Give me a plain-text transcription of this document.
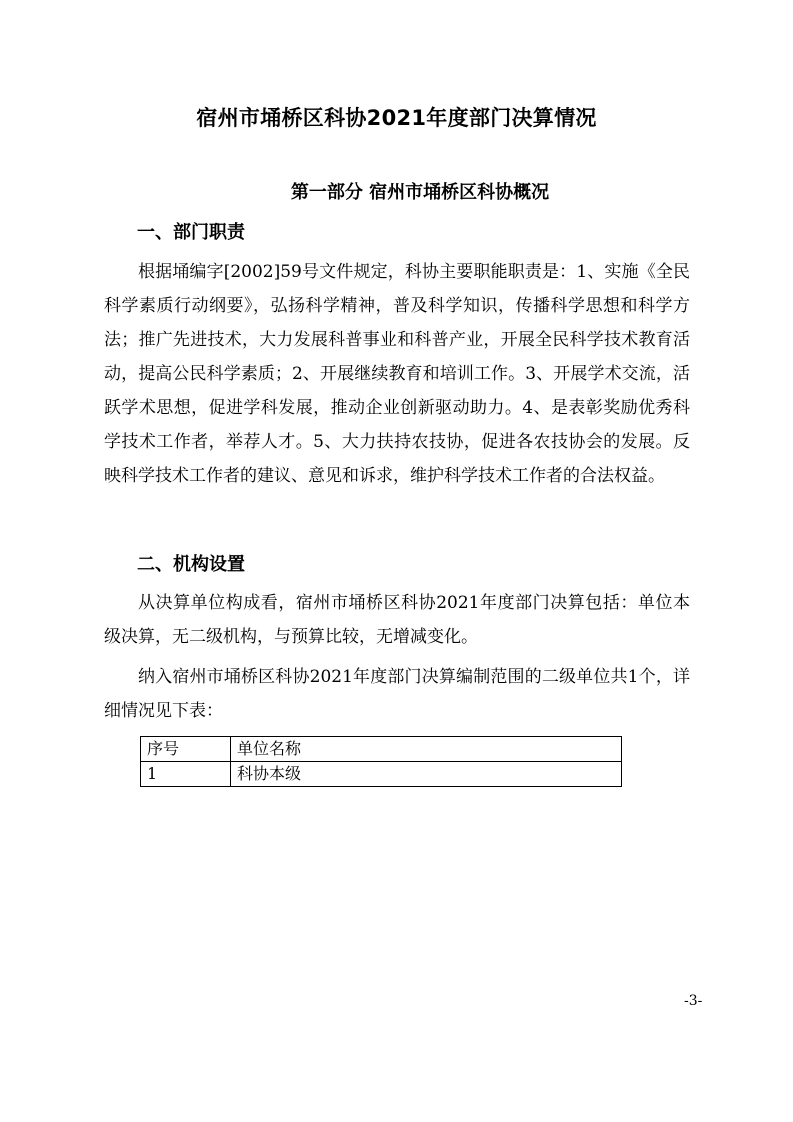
宿州市埇桥区科协2021年度部门决算情况
第一部分 宿州市埇桥区科协概况
一、部门职责

根据埇编字[2002]59号文件规定，科协主要职能职责是：1、实施《全民科学素质行动纲要》，弘扬科学精神，普及科学知识，传播科学思想和科学方法；推广先进技术，大力发展科普事业和科普产业，开展全民科学技术教育活动，提高公民科学素质；2、开展继续教育和培训工作。3、开展学术交流，活跃学术思想，促进学科发展，推动企业创新驱动助力。4、是表彰奖励优秀科学技术工作者，举荐人才。5、大力扶持农技协，促进各农技协会的发展。反映科学技术工作者的建议、意见和诉求，维护科学技术工作者的合法权益。

二、机构设置

从决算单位构成看，宿州市埇桥区科协2021年度部门决算包括：单位本级决算，无二级机构，与预算比较，无增减变化。

纳入宿州市埇桥区科协2021年度部门决算编制范围的二级单位共1个，详细情况见下表：

序号	单位名称
1	科协本级

-3-
